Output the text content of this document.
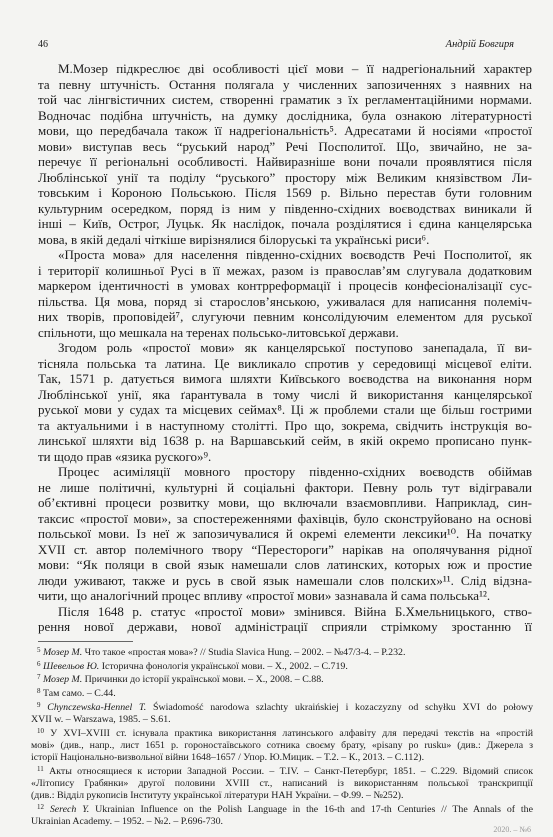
46	Андрій Бовгиря
М.Мозер підкреслює дві особливості цієї мови – її надрегіональний характер
та певну штучність. Остання полягала у численних запозиченнях з наявних на
той час лінгвістичних систем, створенні граматик з їх регламентаційними нормами.
Водночас подібна штучність, на думку дослідника, була ознакою літературності
мови, що передбачала також її надрегіональність⁵. Адресатами й носіями «простої
мови» виступав весь “руський народ” Речі Посполитої. Що, звичайно, не за-
перечує її регіональні особливості. Найвиразніше вони почали проявлятися після
Люблінської унії та поділу “руського” простору між Великим князівством Ли-
товським і Короною Польською. Після 1569 р. Вільно перестав бути головним
культурним осередком, поряд із ним у південно-східних воєводствах виникали й
інші – Київ, Острог, Луцьк. Як наслідок, почала розділятися і єдина канцелярська
мова, в якій дедалі чіткіше вирізнялися білоруські та українські риси⁶.
«Проста мова» для населення південно-східних воєводств Речі Посполитої, як
і території колишньої Русі в її межах, разом із православ’ям слугувала додатковим
маркером ідентичності в умовах контрреформації і процесів конфесіоналізації сус-
пільства. Ця мова, поряд зі старослов’янською, уживалася для написання полеміч-
них творів, проповідей⁷, слугуючи певним консолідуючим елементом для руської
спільноти, що мешкала на теренах польсько-литовської держави.
Згодом роль «простої мови» як канцелярської поступово занепадала, її ви-
тісняла польська та латина. Це викликало спротив у середовищі місцевої еліти.
Так, 1571 р. датується вимога шляхти Київського воєводства на виконання норм
Люблінської унії, яка ґарантувала в тому числі й використання канцелярської
руської мови у судах та місцевих сеймах⁸. Ці ж проблеми стали ще більш гострими
та актуальними і в наступному столітті. Про що, зокрема, свідчить інструкція во-
линської шляхти від 1638 р. на Варшавський сейм, в якій окремо прописано пунк-
ти щодо прав «язика руского»⁹.
Процес асиміляції мовного простору південно-східних воєводств обіймав
не лише політичні, культурні й соціальні фактори. Певну роль тут відігравали
об’єктивні процеси розвитку мови, що включали взаємовпливи. Наприклад, син-
таксис «простої мови», за спостереженнями фахівців, було сконструйовано на основі
польської мови. Із неї ж запозичувалися й окремі елементи лексики¹⁰. На початку
XVII ст. автор полемічного твору “Перестороги” нарікав на ополячування рідної
мови: “Як поляци в свой язык намешали слов латинских, которых юж и простие
люди уживают, также и русь в свой язык намешали слов полских»¹¹. Слід відзна-
чити, що аналогічний процес впливу «простої мови» зазнавала й сама польська¹².
Після 1648 р. статус «простої мови» змінився. Війна Б.Хмельницького, ство-
рення нової держави, нової адміністрації сприяли стрімкому зростанню її
$^5$ Мозер М. Что такое «простая мова»? // Studia Slavica Hung. – 2002. – №47/3-4. – P.232.
$^6$ Шевельов Ю. Історична фонологія української мови. – Х., 2002. – С.719.
$^7$ Мозер М. Причинки до історії української мови. – Х., 2008. – С.88.
$^8$ Там само. – С.44.
$^9$ Chynczewska-Hennel T. Świadomość narodowa szlachty ukraińskiej i kozaczyzny od schyłku XVI do połowy
XVII w. – Warszawa, 1985. – S.61.
$^{10}$ У XVI–XVIII ст. існувала практика використання латинського алфавіту для передачі текстів на «простій
мові» (див., напр., лист 1651 р. гороностаївського сотника своєму брату, «pisany po rusku» (див.: Джерела з
історії Національно-визвольної війни 1648–1657 / Упор. Ю.Мицик. – Т.2. – К., 2013. – С.112).
$^{11}$ Акты относящиеся к истории Западной России. – Т.IV. – Санкт-Петербург, 1851. – С.229. Відомий список
«Літопису Грабянки» другої половини XVIII ст., написаний із використанням польської транскрипції
(див.: Відділ рукописів Інституту української літератури НАН України. – Ф.99. – №252).
$^{12}$ Serech Y. Ukrainian Influence on the Polish Language in the 16-th and 17-th Centuries // The Annals of the
Ukrainian Academy. – 1952. – №2. – P.696-730.
2020. – №6
